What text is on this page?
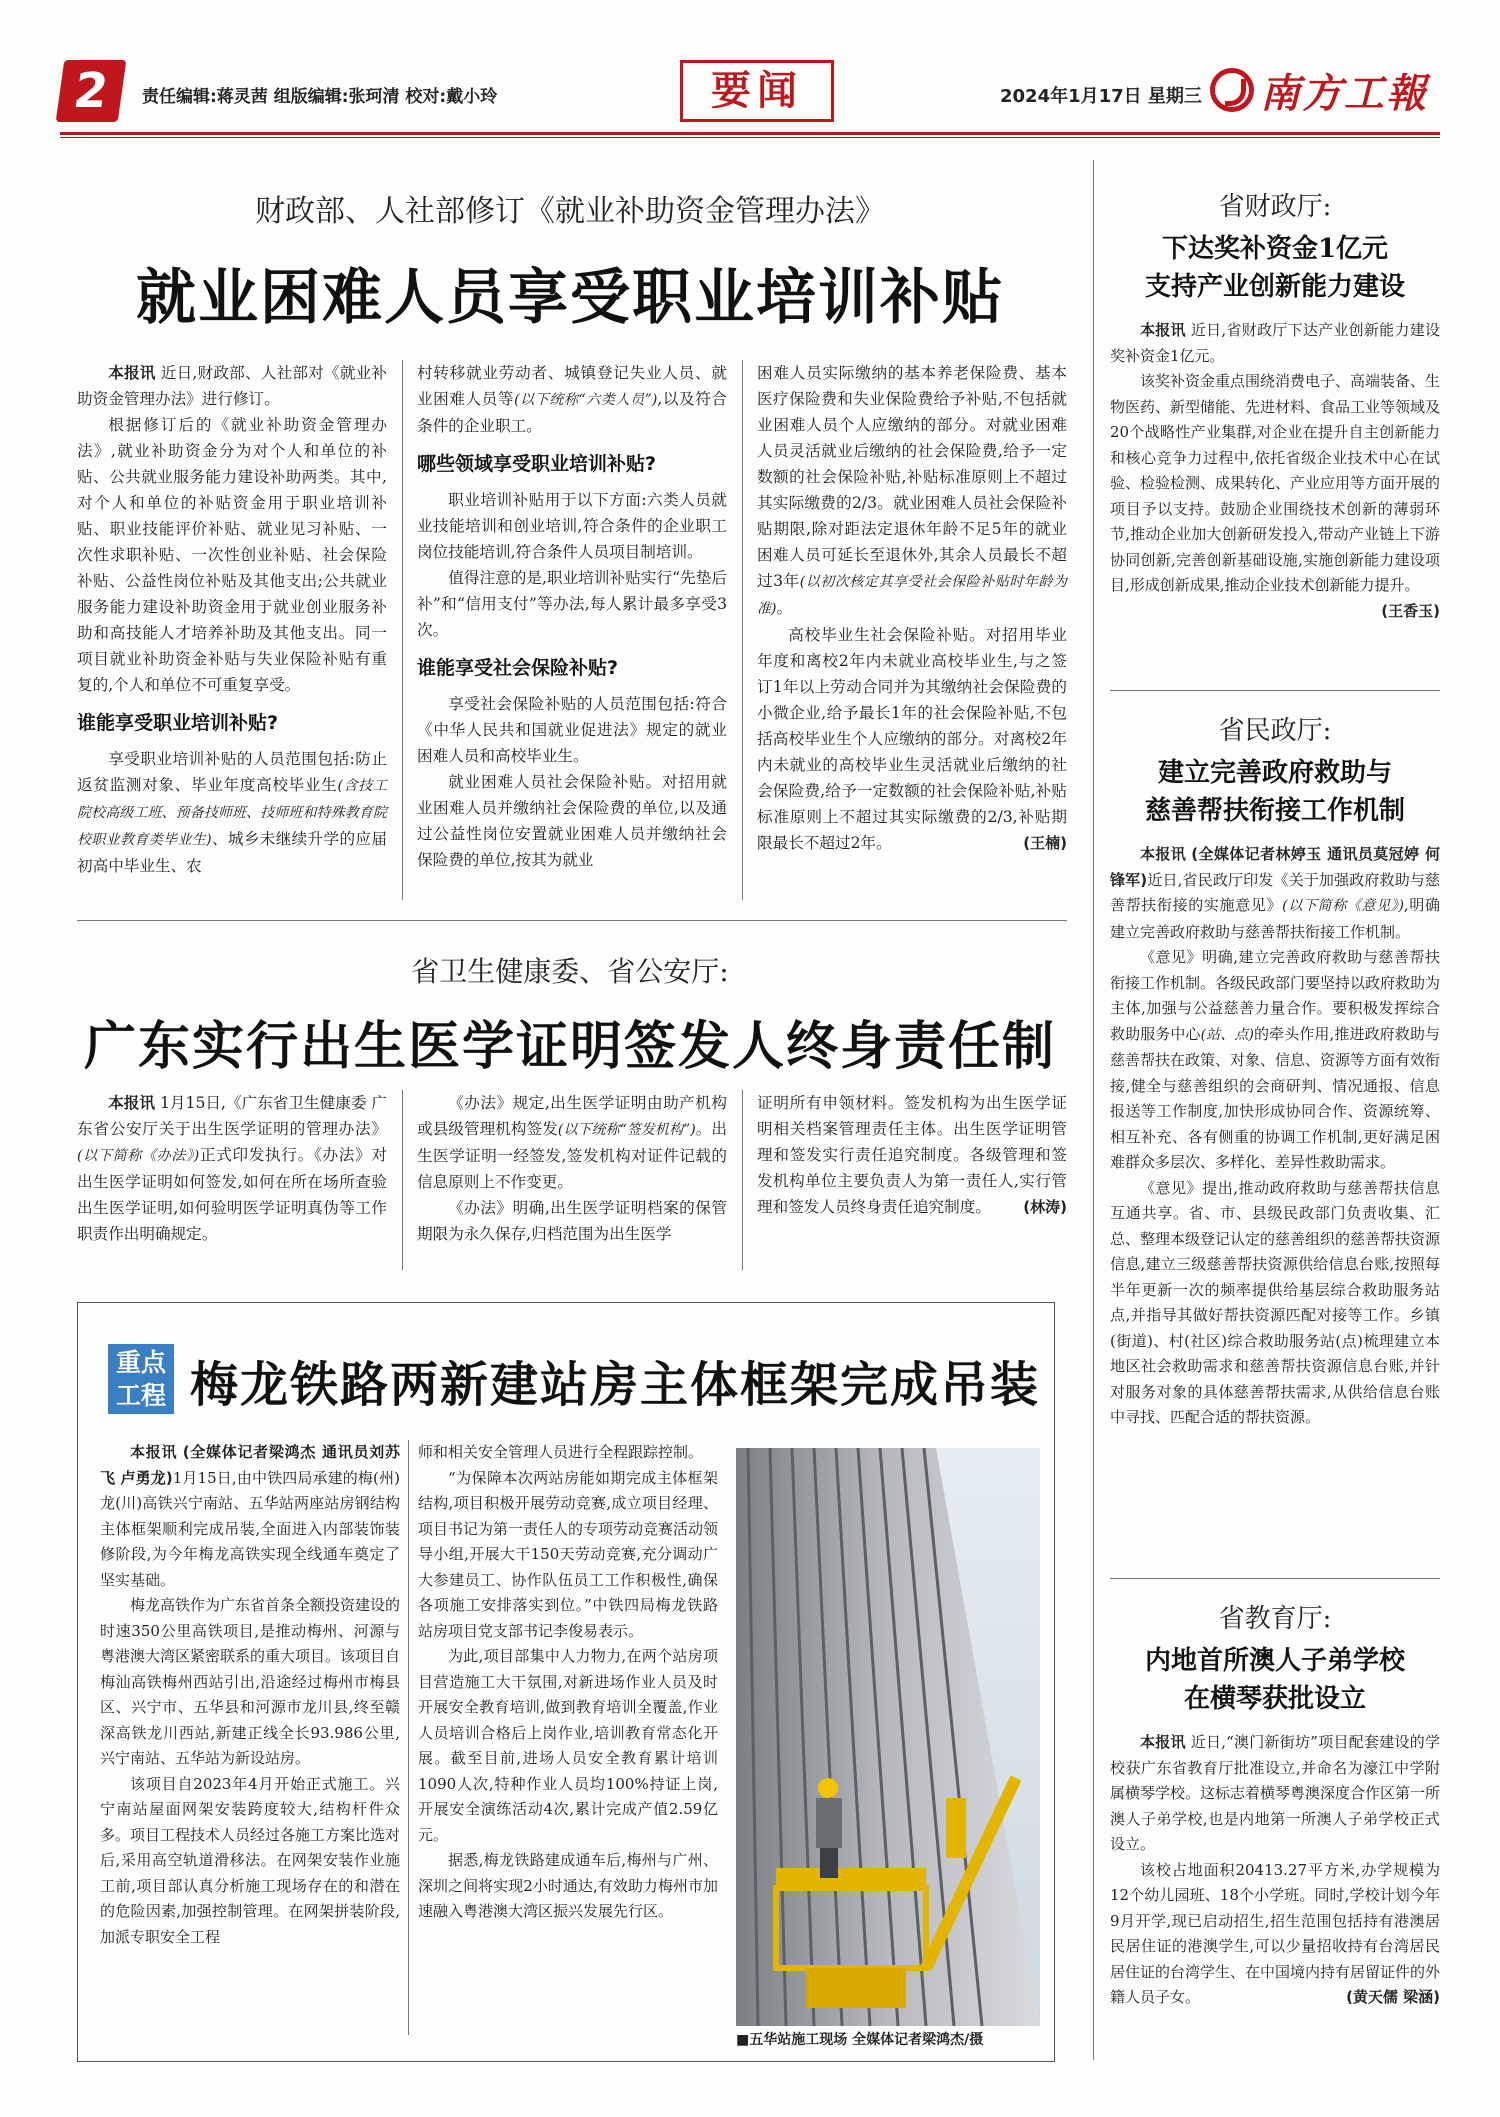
2	责任编辑:蒋灵茜 组版编辑:张珂清 校对:戴小玲	要闻	2024年1月17日 星期三 南方工報
财政部、人社部修订《就业补助资金管理办法》
就业困难人员享受职业培训补贴

本报讯 近日,财政部、人社部对《就业补助资金管理办法》进行修订。

根据修订后的《就业补助资金管理办法》,就业补助资金分为对个人和单位的补贴、公共就业服务能力建设补助两类。其中,对个人和单位的补贴资金用于职业培训补贴、职业技能评价补贴、就业见习补贴、一次性求职补贴、一次性创业补贴、社会保险补贴、公益性岗位补贴及其他支出;公共就业服务能力建设补助资金用于就业创业服务补助和高技能人才培养补助及其他支出。同一项目就业补助资金补贴与失业保险补贴有重复的,个人和单位不可重复享受。

谁能享受职业培训补贴?

享受职业培训补贴的人员范围包括:防止返贫监测对象、毕业年度高校毕业生(含技工院校高级工班、预备技师班、技师班和特殊教育院校职业教育类毕业生)、城乡未继续升学的应届初高中毕业生、农

村转移就业劳动者、城镇登记失业人员、就业困难人员等(以下统称“六类人员”),以及符合条件的企业职工。

哪些领域享受职业培训补贴?

职业培训补贴用于以下方面:六类人员就业技能培训和创业培训,符合条件的企业职工岗位技能培训,符合条件人员项目制培训。

值得注意的是,职业培训补贴实行“先垫后补”和“信用支付”等办法,每人累计最多享受3次。

谁能享受社会保险补贴?

享受社会保险补贴的人员范围包括:符合《中华人民共和国就业促进法》规定的就业困难人员和高校毕业生。

就业困难人员社会保险补贴。对招用就业困难人员并缴纳社会保险费的单位,以及通过公益性岗位安置就业困难人员并缴纳社会保险费的单位,按其为就业

困难人员实际缴纳的基本养老保险费、基本医疗保险费和失业保险费给予补贴,不包括就业困难人员个人应缴纳的部分。对就业困难人员灵活就业后缴纳的社会保险费,给予一定数额的社会保险补贴,补贴标准原则上不超过其实际缴费的2/3。就业困难人员社会保险补贴期限,除对距法定退休年龄不足5年的就业困难人员可延长至退休外,其余人员最长不超过3年(以初次核定其享受社会保险补贴时年龄为准)。

高校毕业生社会保险补贴。对招用毕业年度和离校2年内未就业高校毕业生,与之签订1年以上劳动合同并为其缴纳社会保险费的小微企业,给予最长1年的社会保险补贴,不包括高校毕业生个人应缴纳的部分。对离校2年内未就业的高校毕业生灵活就业后缴纳的社会保险费,给予一定数额的社会保险补贴,补贴标准原则上不超过其实际缴费的2/3,补贴期限最长不超过2年。	(王楠)

省卫生健康委、省公安厅:
广东实行出生医学证明签发人终身责任制

本报讯 1月15日,《广东省卫生健康委 广东省公安厅关于出生医学证明的管理办法》(以下简称《办法》)正式印发执行。《办法》对出生医学证明如何签发,如何在所在场所查验出生医学证明,如何验明医学证明真伪等工作职责作出明确规定。

《办法》规定,出生医学证明由助产机构或县级管理机构签发(以下统称“签发机构”)。出生医学证明一经签发,签发机构对证件记载的信息原则上不作变更。

《办法》明确,出生医学证明档案的保管期限为永久保存,归档范围为出生医学

证明所有申领材料。签发机构为出生医学证明相关档案管理责任主体。出生医学证明管理和签发实行责任追究制度。各级管理和签发机构单位主要负责人为第一责任人,实行管理和签发人员终身责任追究制度。 (林涛)

重点工程 梅龙铁路两新建站房主体框架完成吊装

本报讯 (全媒体记者梁鸿杰 通讯员刘苏飞 卢勇龙)1月15日,由中铁四局承建的梅(州)龙(川)高铁兴宁南站、五华站两座站房钢结构主体框架顺利完成吊装,全面进入内部装饰装修阶段,为今年梅龙高铁实现全线通车奠定了坚实基础。

梅龙高铁作为广东省首条全额投资建设的时速350公里高铁项目,是推动梅州、河源与粤港澳大湾区紧密联系的重大项目。该项目自梅汕高铁梅州西站引出,沿途经过梅州市梅县区、兴宁市、五华县和河源市龙川县,终至赣深高铁龙川西站,新建正线全长93.986公里,兴宁南站、五华站为新设站房。

该项目自2023年4月开始正式施工。兴宁南站屋面网架安装跨度较大,结构杆件众多。项目工程技术人员经过各施工方案比选对后,采用高空轨道滑移法。在网架安装作业施工前,项目部认真分析施工现场存在的和潜在的危险因素,加强控制管理。在网架拼装阶段,加派专职安全工程

师和相关安全管理人员进行全程跟踪控制。

“为保障本次两站房能如期完成主体框架结构,项目积极开展劳动竞赛,成立项目经理、项目书记为第一责任人的专项劳动竞赛活动领导小组,开展大干150天劳动竞赛,充分调动广大参建员工、协作队伍员工工作积极性,确保各项施工安排落实到位。”中铁四局梅龙铁路站房项目党支部书记李俊易表示。

为此,项目部集中人力物力,在两个站房项目营造施工大干氛围,对新进场作业人员及时开展安全教育培训,做到教育培训全覆盖,作业人员培训合格后上岗作业,培训教育常态化开展。截至目前,进场人员安全教育累计培训1090人次,特种作业人员均100%持证上岗,开展安全演练活动4次,累计完成产值2.59亿元。

据悉,梅龙铁路建成通车后,梅州与广州、深圳之间将实现2小时通达,有效助力梅州市加速融入粤港澳大湾区振兴发展先行区。

■五华站施工现场 全媒体记者梁鸿杰/摄
省财政厅:
下达奖补资金1亿元
支持产业创新能力建设

本报讯 近日,省财政厅下达产业创新能力建设奖补资金1亿元。

该奖补资金重点围绕消费电子、高端装备、生物医药、新型储能、先进材料、食品工业等领域及20个战略性产业集群,对企业在提升自主创新能力和核心竞争力过程中,依托省级企业技术中心在试验、检验检测、成果转化、产业应用等方面开展的项目予以支持。鼓励企业围绕技术创新的薄弱环节,推动企业加大创新研发投入,带动产业链上下游协同创新,完善创新基础设施,实施创新能力建设项目,形成创新成果,推动企业技术创新能力提升。
(王香玉)

省民政厅:
建立完善政府救助与
慈善帮扶衔接工作机制

本报讯 (全媒体记者林婷玉 通讯员莫冠婷 何锋军)近日,省民政厅印发《关于加强政府救助与慈善帮扶衔接的实施意见》(以下简称《意见》),明确建立完善政府救助与慈善帮扶衔接工作机制。

《意见》明确,建立完善政府救助与慈善帮扶衔接工作机制。各级民政部门要坚持以政府救助为主体,加强与公益慈善力量合作。要积极发挥综合救助服务中心(站、点)的牵头作用,推进政府救助与慈善帮扶在政策、对象、信息、资源等方面有效衔接,健全与慈善组织的会商研判、情况通报、信息报送等工作制度,加快形成协同合作、资源统筹、相互补充、各有侧重的协调工作机制,更好满足困难群众多层次、多样化、差异性救助需求。

《意见》提出,推动政府救助与慈善帮扶信息互通共享。省、市、县级民政部门负责收集、汇总、整理本级登记认定的慈善组织的慈善帮扶资源信息,建立三级慈善帮扶资源供给信息台账,按照每半年更新一次的频率提供给基层综合救助服务站点,并指导其做好帮扶资源匹配对接等工作。乡镇(街道)、村(社区)综合救助服务站(点)梳理建立本地区社会救助需求和慈善帮扶资源信息台账,并针对服务对象的具体慈善帮扶需求,从供给信息台账中寻找、匹配合适的帮扶资源。

省教育厅:
内地首所澳人子弟学校
在横琴获批设立

本报讯 近日,“澳门新街坊”项目配套建设的学校获广东省教育厅批准设立,并命名为濠江中学附属横琴学校。这标志着横琴粤澳深度合作区第一所澳人子弟学校,也是内地第一所澳人子弟学校正式设立。

该校占地面积20413.27平方米,办学规模为12个幼儿园班、18个小学班。同时,学校计划今年9月开学,现已启动招生,招生范围包括持有港澳居民居住证的港澳学生,可以少量招收持有台湾居民居住证的台湾学生、在中国境内持有居留证件的外籍人员子女。	(黄天儒 梁涵)
